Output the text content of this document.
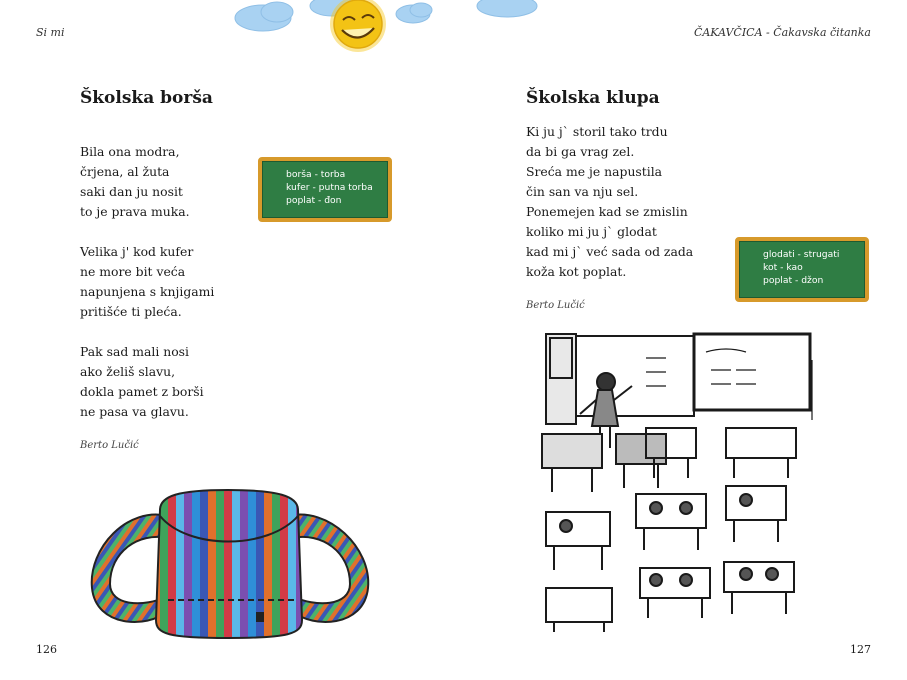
Si mi
Školska borša
Bila ona modra,
črjena, al žuta
saki dan ju nosit
to je prava muka.
Velika j' kod kufer
ne more bit veća
napunjena s knjigami
pritišće ti pleća.
Pak sad mali nosi
ako želiš slavu,
dokla pamet z borši
ne pasa va glavu.
Berto Lučić
borša - torba
kufer - putna torba
poplat - đon
126
ČAKAVČICA - Čakavska čitanka
Školska klupa
Ki ju j` storil tako trdu
da bi ga vrag zel.
Sreća me je napustila
čin san va nju sel.
Ponemejen kad se zmislin
koliko mi ju j` glodat
kad mi j` već sada od zada
koža kot poplat.
Berto Lučić
glodati - strugati
kot - kao
poplat - džon
127
